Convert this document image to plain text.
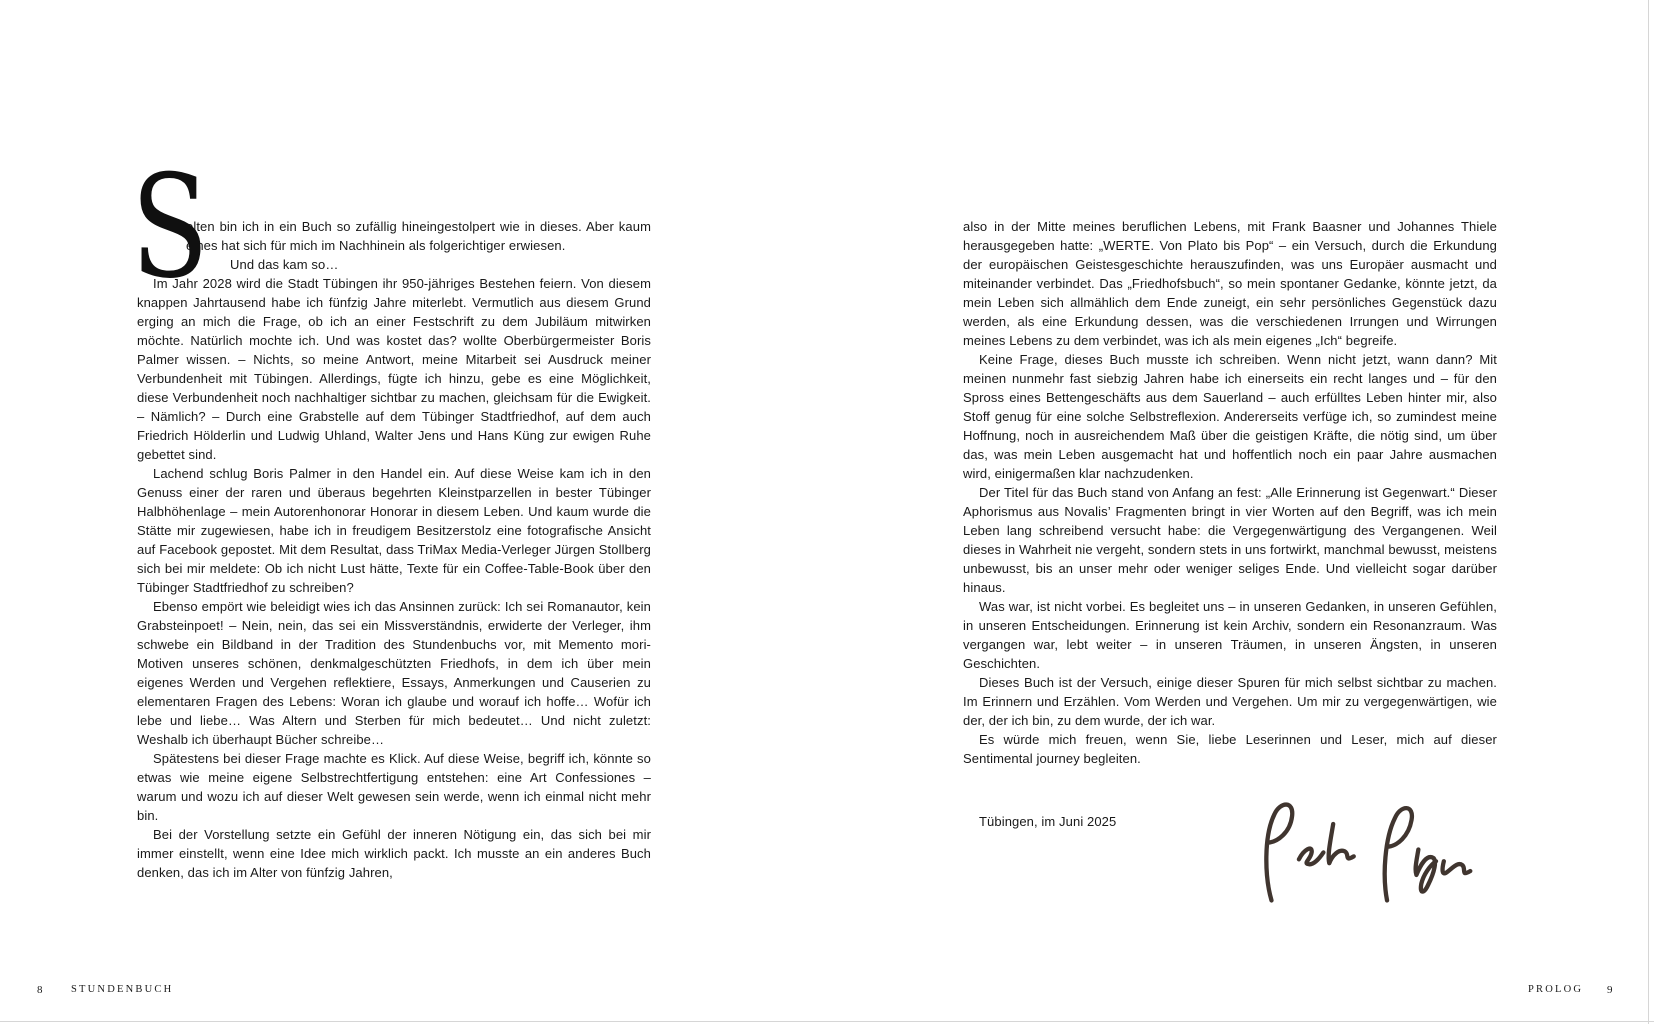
S

elten bin ich in ein Buch so zufällig hineingestolpert wie in dieses. Aber kaum eines hat sich für mich im Nachhinein als folgerichtiger erwiesen.

Und das kam so…

Im Jahr 2028 wird die Stadt Tübingen ihr 950-jähriges Bestehen feiern. Von diesem knappen Jahrtausend habe ich fünfzig Jahre miterlebt. Vermutlich aus diesem Grund erging an mich die Frage, ob ich an einer Festschrift zu dem Jubiläum mitwirken möchte. Natürlich mochte ich. Und was kostet das? wollte Oberbürgermeister Boris Palmer wissen. – Nichts, so meine Antwort, meine Mitarbeit sei Ausdruck meiner Verbundenheit mit Tübingen. Allerdings, fügte ich hinzu, gebe es eine Möglichkeit, diese Verbundenheit noch nachhaltiger sichtbar zu machen, gleichsam für die Ewigkeit. – Nämlich? – Durch eine Grabstelle auf dem Tübinger Stadtfriedhof, auf dem auch Friedrich Hölderlin und Ludwig Uhland, Walter Jens und Hans Küng zur ewigen Ruhe gebettet sind.

Lachend schlug Boris Palmer in den Handel ein. Auf diese Weise kam ich in den Genuss einer der raren und überaus begehrten Kleinstparzellen in bester Tübinger Halbhöhenlage – mein Autorenhonorar Honorar in diesem Leben. Und kaum wurde die Stätte mir zugewiesen, habe ich in freudigem Besitzerstolz eine fotografische Ansicht auf Facebook gepostet. Mit dem Resultat, dass TriMax Media-Verleger Jürgen Stollberg sich bei mir meldete: Ob ich nicht Lust hätte, Texte für ein Coffee-Table-Book über den Tübinger Stadtfriedhof zu schreiben?

Ebenso empört wie beleidigt wies ich das Ansinnen zurück: Ich sei Romanautor, kein Grabsteinpoet! – Nein, nein, das sei ein Missverständnis, erwiderte der Verleger, ihm schwebe ein Bildband in der Tradition des Stundenbuchs vor, mit Memento mori-Motiven unseres schönen, denkmalgeschützten Friedhofs, in dem ich über mein eigenes Werden und Vergehen reflektiere, Essays, Anmerkungen und Causerien zu elementaren Fragen des Lebens: Woran ich glaube und worauf ich hoffe… Wofür ich lebe und liebe… Was Altern und Sterben für mich bedeutet… Und nicht zuletzt: Weshalb ich überhaupt Bücher schreibe…

Spätestens bei dieser Frage machte es Klick. Auf diese Weise, begriff ich, könnte so etwas wie meine eigene Selbstrechtfertigung entstehen: eine Art Confessiones – warum und wozu ich auf dieser Welt gewesen sein werde, wenn ich einmal nicht mehr bin.

Bei der Vorstellung setzte ein Gefühl der inneren Nötigung ein, das sich bei mir immer einstellt, wenn eine Idee mich wirklich packt. Ich musste an ein anderes Buch denken, das ich im Alter von fünfzig Jahren,

also in der Mitte meines beruflichen Lebens, mit Frank Baasner und Johannes Thiele herausgegeben hatte: „WERTE. Von Plato bis Pop“ – ein Versuch, durch die Erkundung der europäischen Geistesgeschichte herauszufinden, was uns Europäer ausmacht und miteinander verbindet. Das „Friedhofsbuch“, so mein spontaner Gedanke, könnte jetzt, da mein Leben sich allmählich dem Ende zuneigt, ein sehr persönliches Gegenstück dazu werden, als eine Erkundung dessen, was die verschiedenen Irrungen und Wirrungen meines Lebens zu dem verbindet, was ich als mein eigenes „Ich“ begreife.

Keine Frage, dieses Buch musste ich schreiben. Wenn nicht jetzt, wann dann? Mit meinen nunmehr fast siebzig Jahren habe ich einerseits ein recht langes und – für den Spross eines Bettengeschäfts aus dem Sauerland – auch erfülltes Leben hinter mir, also Stoff genug für eine solche Selbstreflexion. Andererseits verfüge ich, so zumindest meine Hoffnung, noch in ausreichendem Maß über die geistigen Kräfte, die nötig sind, um über das, was mein Leben ausgemacht hat und hoffentlich noch ein paar Jahre ausmachen wird, einigermaßen klar nachzudenken.

Der Titel für das Buch stand von Anfang an fest: „Alle Erinnerung ist Gegenwart.“ Dieser Aphorismus aus Novalis’ Fragmenten bringt in vier Worten auf den Begriff, was ich mein Leben lang schreibend versucht habe: die Vergegenwärtigung des Vergangenen. Weil dieses in Wahrheit nie vergeht, sondern stets in uns fortwirkt, manchmal bewusst, meistens unbewusst, bis an unser mehr oder weniger seliges Ende. Und vielleicht sogar darüber hinaus.

Was war, ist nicht vorbei. Es begleitet uns – in unseren Gedanken, in unseren Gefühlen, in unseren Entscheidungen. Erinnerung ist kein Archiv, sondern ein Resonanzraum. Was vergangen war, lebt weiter – in unseren Träumen, in unseren Ängsten, in unseren Geschichten.

Dieses Buch ist der Versuch, einige dieser Spuren für mich selbst sichtbar zu machen. Im Erinnern und Erzählen. Vom Werden und Vergehen. Um mir zu vergegenwärtigen, wie der, der ich bin, zu dem wurde, der ich war.

Es würde mich freuen, wenn Sie, liebe Leserinnen und Leser, mich auf dieser Sentimental journey begleiten.

Tübingen, im Juni 2025

8	STUNDENBUCH	PROLOG 9
